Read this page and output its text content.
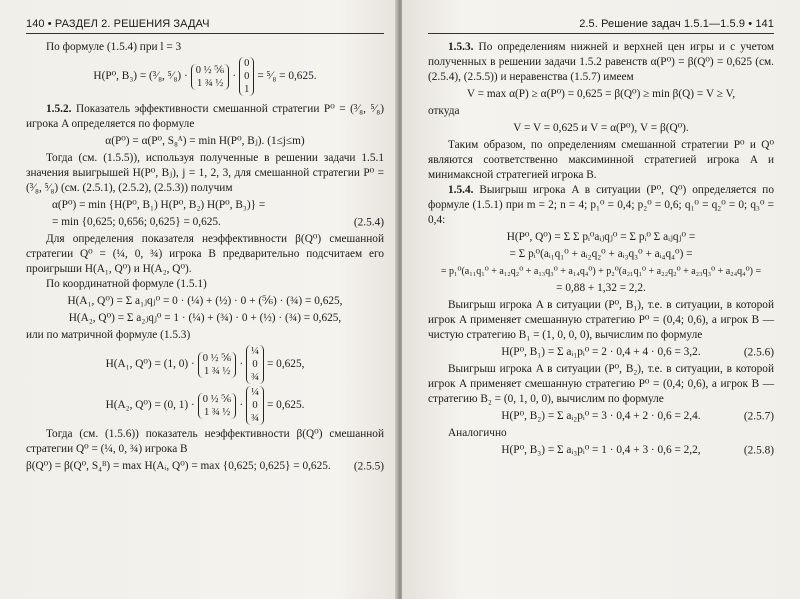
140 • РАЗДЕЛ 2. РЕШЕНИЯ ЗАДАЧ

По формуле (1.5.4) при l = 3

H(P⁰, B₃) = (³⁄₈, ⁵⁄₈) · 0 ½ ⅚
1 ¾ ½
·
0
0
1
= ⁵⁄₈ = 0,625.

1.5.2. Показатель эффективности смешанной стратегии P⁰ = (³⁄₈, ⁵⁄₈) игрока A определяется по формуле

α(P⁰) = α(P⁰, S₈ᴬ) = min H(P⁰, Bⱼ). (1≤j≤m)

Тогда (см. (1.5.5)), используя полученные в решении задачи 1.5.1 значения выигрышей H(P⁰, Bⱼ), j = 1, 2, 3, для смешанной стратегии P⁰ = (³⁄₈, ⁵⁄₈) (см. (2.5.1), (2.5.2), (2.5.3)) получим

α(P⁰) = min {H(P⁰, B₁) H(P⁰, B₂) H(P⁰, B₃)} =
= min {0,625; 0,656; 0,625} = 0,625.	(2.5.4)

Для определения показателя неэффективности β(Q⁰) смешанной стратегии Q⁰ = (¼, 0, ¾) игрока B предварительно подсчитаем его проигрыши H(A₁, Q⁰) и H(A₂, Q⁰).

По координатной формуле (1.5.1)

H(A₁, Q⁰) = Σ a₁ⱼqⱼ⁰ = 0 · (¼) + (½) · 0 + (⅚) · (¾) = 0,625,
H(A₂, Q⁰) = Σ a₂ⱼqⱼ⁰ = 1 · (¼) + (¾) · 0 + (½) · (¾) = 0,625,

или по матричной формуле (1.5.3)

H(A₁, Q⁰) = (1, 0) · 0 ½ ⅚
1 ¾ ½
·
¼
0
¾
= 0,625,
H(A₂, Q⁰) = (0, 1) · 0 ½ ⅚
1 ¾ ½
·
¼
0
¾
= 0,625.

Тогда (см. (1.5.6)) показатель неэффективности β(Q⁰) смешанной стратегии Q⁰ = (¼, 0, ¾) игрока B

β(Q⁰) = β(Q⁰, S₄ᴮ) = max H(Aᵢ, Q⁰) = max {0,625; 0,625} = 0,625. (2.5.5)
2.5. Решение задач 1.5.1—1.5.9 • 141

1.5.3. По определениям нижней и верхней цен игры и с учетом полученных в решении задачи 1.5.2 равенств α(P⁰) = β(Q⁰) = 0,625 (см. (2.5.4), (2.5.5)) и неравенства (1.5.7) имеем

V = max α(P) ≥ α(P⁰) = 0,625 = β(Q⁰) ≥ min β(Q) = V ≥ V,

откуда

V = V = 0,625 и V = α(P⁰), V = β(Q⁰).

Таким образом, по определениям смешанной стратегии P⁰ и Q⁰ являются соответственно максиминной стратегией игрока A и минимаксной стратегией игрока B.

1.5.4. Выигрыш игрока A в ситуации (P⁰, Q⁰) определяется по формуле (1.5.1) при m = 2; n = 4; p₁⁰ = 0,4; p₂⁰ = 0,6; q₁⁰ = q₂⁰ = 0; q₃⁰ = 0,4:

H(P⁰, Q⁰) = Σ Σ pᵢ⁰aᵢⱼqⱼ⁰ = Σ pᵢ⁰ Σ aᵢⱼqⱼ⁰ =
= Σ pᵢ⁰(aᵢ₁q₁⁰ + aᵢ₂q₂⁰ + aᵢ₃q₃⁰ + aᵢ₄q₄⁰) =
= p₁⁰(a₁₁q₁⁰ + a₁₂q₂⁰ + a₁₃q₃⁰ + a₁₄q₄⁰) + p₂⁰(a₂₁q₁⁰ + a₂₂q₂⁰ + a₂₃q₃⁰ + a₂₄q₄⁰) =
= 0,88 + 1,32 = 2,2.

Выигрыш игрока A в ситуации (P⁰, B₁), т.е. в ситуации, в которой игрок A применяет смешанную стратегию P⁰ = (0,4; 0,6), а игрок B — чистую стратегию B₁ = (1, 0, 0, 0), вычислим по формуле

H(P⁰, B₁) = Σ aᵢ₁pᵢ⁰ = 2 · 0,4 + 4 · 0,6 = 3,2.	(2.5.6)

Выигрыш игрока A в ситуации (P⁰, B₂), т.е. в ситуации, в которой игрок A применяет смешанную стратегию P⁰ = (0,4; 0,6), а игрок B — стратегию B₂ = (0, 1, 0, 0), вычислим по формуле

H(P⁰, B₂) = Σ aᵢ₂pᵢ⁰ = 3 · 0,4 + 2 · 0,6 = 2,4.	(2.5.7)

Аналогично

H(P⁰, B₃) = Σ aᵢ₃pᵢ⁰ = 1 · 0,4 + 3 · 0,6 = 2,2,	(2.5.8)
